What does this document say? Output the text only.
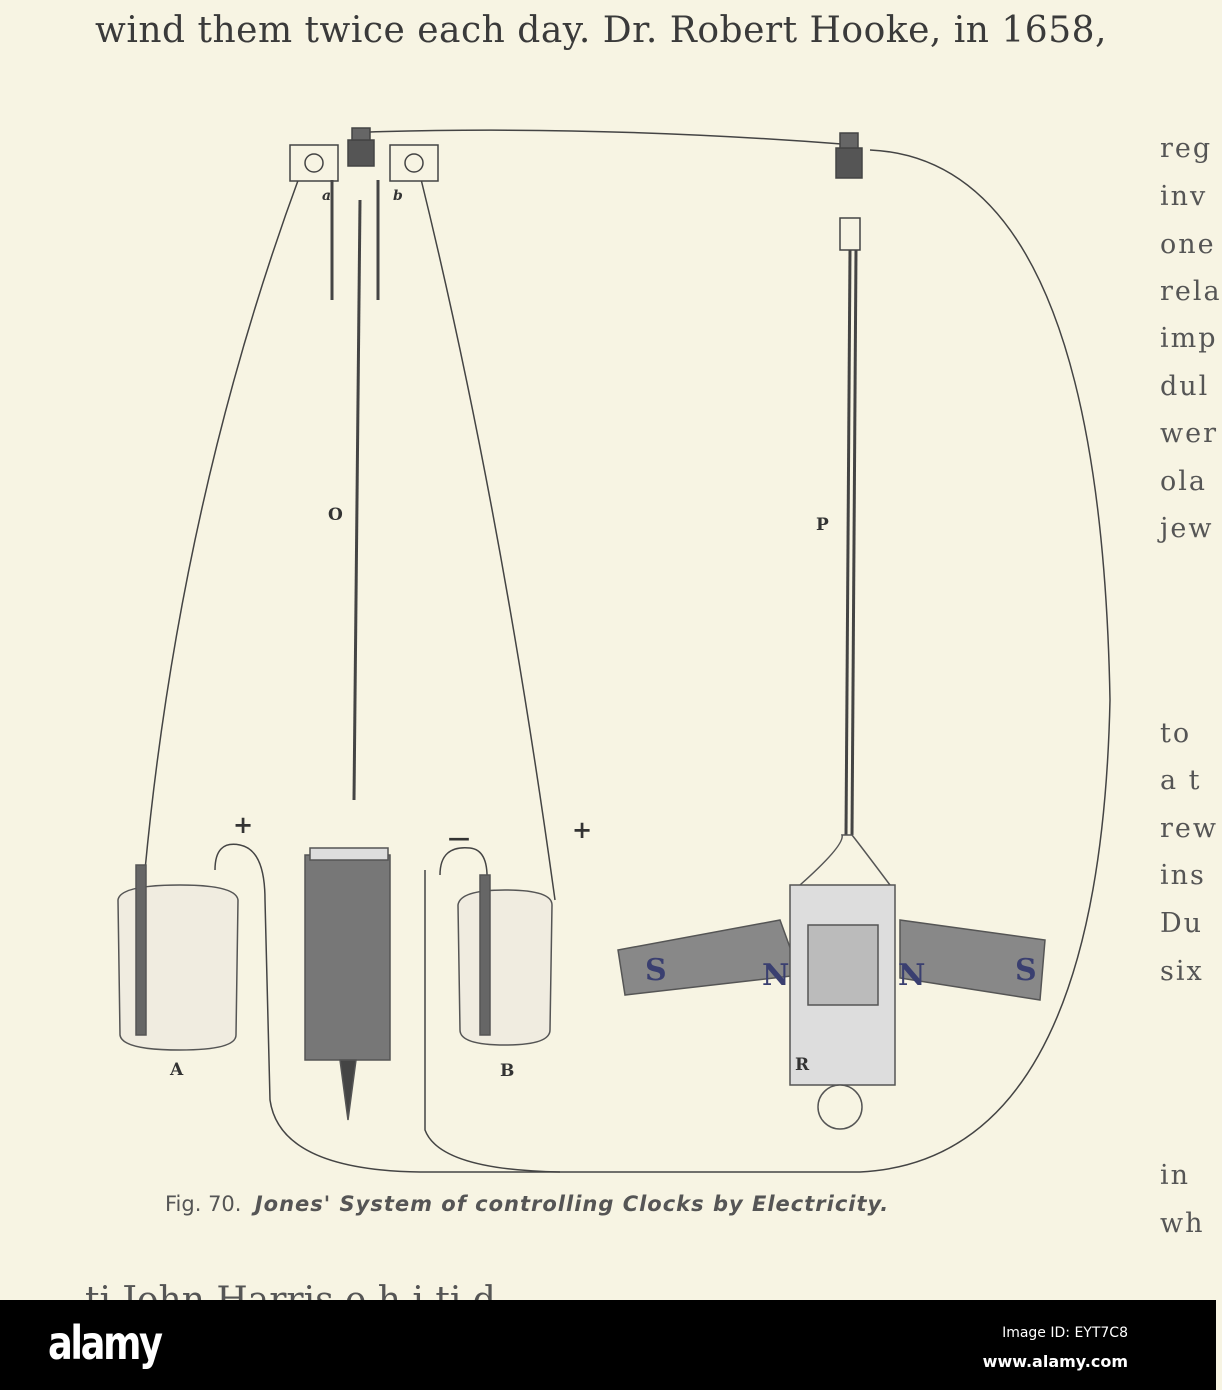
wind them twice each day. Dr. Robert Hooke, in 1658,
reg
inv
one
rela
imp
dul
wer
ola
jew
to
a t
rew
ins
Du
six
in
wh
a	b
O	P
+	—	+
A	B	R
S	N	N	S
Fig. 70. Jones' System of controlling Clocks by Electricity.
alamy	Image ID: EYT7C8
www.alamy.com
